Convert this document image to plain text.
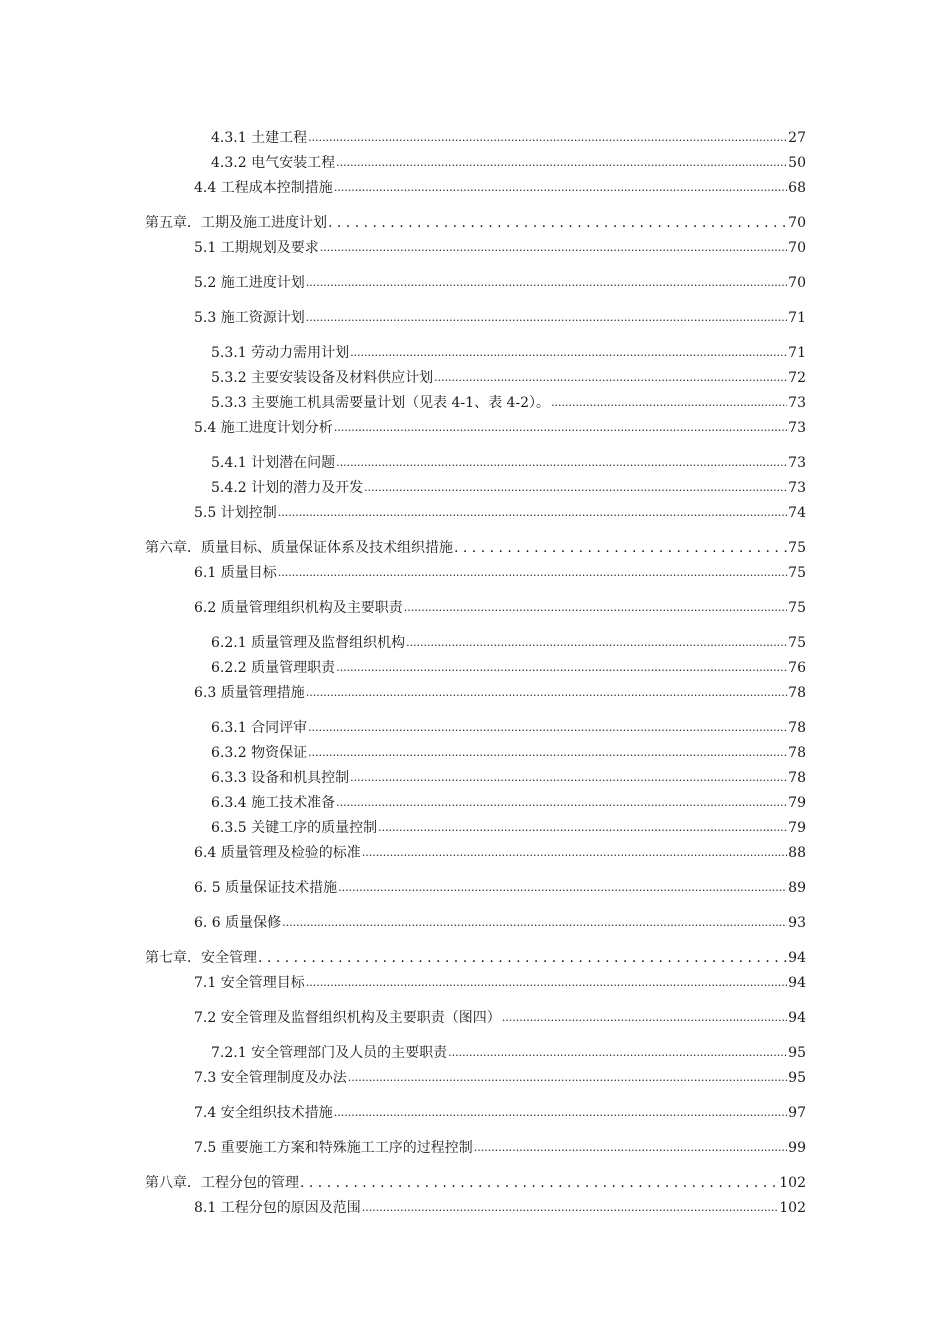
4.3.1 土建工程 .....	27
4.3.2 电气安装工程 .....	50
4.4 工程成本控制措施 .....	68
第五章．工期及施工进度计划 . . .	70
5.1 工期规划及要求 .....	70
5.2 施工进度计划 .....	70
5.3 施工资源计划 .....	71
5.3.1 劳动力需用计划 .....	71
5.3.2 主要安装设备及材料供应计划 .....	72
5.3.3 主要施工机具需要量计划（见表 4-1、表 4-2）。 .....	73
5.4 施工进度计划分析 .....	73
5.4.1 计划潜在问题 .....	73
5.4.2 计划的潜力及开发 .....	73
5.5 计划控制 .....	74
第六章．质量目标、质量保证体系及技术组织措施 . . .	75
6.1 质量目标 .....	75
6.2 质量管理组织机构及主要职责 .....	75
6.2.1 质量管理及监督组织机构 .....	75
6.2.2 质量管理职责 .....	76
6.3 质量管理措施 .....	78
6.3.1 合同评审 .....	78
6.3.2 物资保证 .....	78
6.3.3 设备和机具控制 .....	78
6.3.4 施工技术准备 .....	79
6.3.5 关键工序的质量控制 .....	79
6.4 质量管理及检验的标准 .....	88
6. 5 质量保证技术措施 .....	89
6. 6 质量保修 .....	93
第七章．安全管理 . . .	94
7.1 安全管理目标 .....	94
7.2 安全管理及监督组织机构及主要职责（图四） .....	94
7.2.1 安全管理部门及人员的主要职责 .....	95
7.3 安全管理制度及办法 .....	95
7.4 安全组织技术措施 .....	97
7.5 重要施工方案和特殊施工工序的过程控制 .....	99
第八章．工程分包的管理 . . .	102
8.1 工程分包的原因及范围 .....	102
